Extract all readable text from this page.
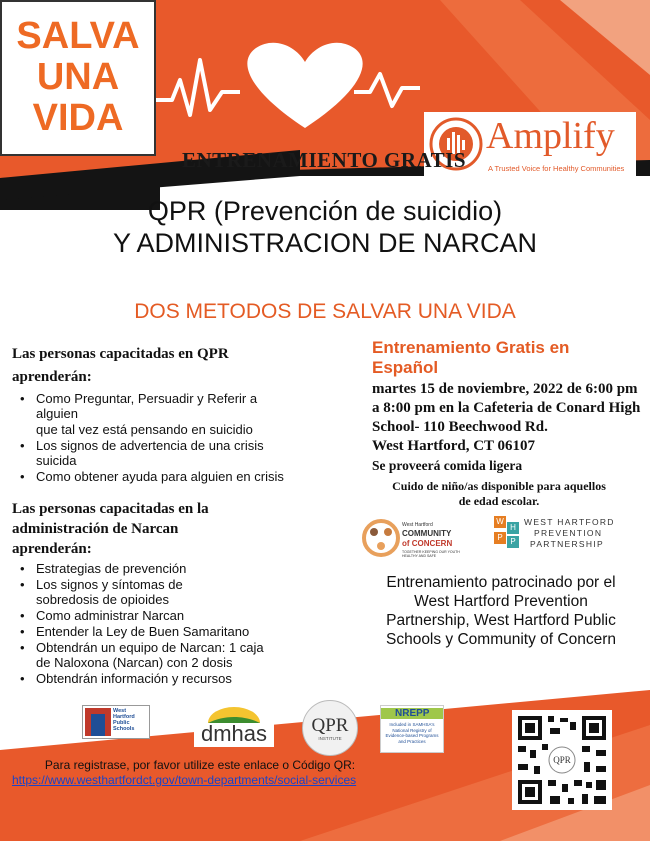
SALVA
UNA
VIDA	Amplify
A Trusted Voice for Healthy Communities
ENTRENAMIENTO GRATIS
QPR (Prevención de suicidio)
Y ADMINISTRACION DE NARCAN
DOS METODOS DE SALVAR UNA VIDA
Las personas capacitadas en QPR
aprenderán:
• Como Preguntar, Persuadir y Referir a alguien
que tal vez está pensando en suicidio
• Los signos de advertencia de una crisis suicida
• Como obtener ayuda para alguien en crisis
Las personas capacitadas en la
administración de Narcan
aprenderán:
• Estrategias de prevención
• Los signos y síntomas de sobredosis de opioides
• Como administrar Narcan
• Entender la Ley de Buen Samaritano
• Obtendrán un equipo de Narcan: 1 caja de Naloxona (Narcan) con 2 dosis
• Obtendrán información y recursos
Entrenamiento Gratis en Español
martes 15 de noviembre, 2022 de 6:00 pm
a 8:00 pm en la Cafeteria de Conard High
School- 110 Beechwood Rd.
West Hartford, CT 06107
Se proveerá comida ligera
Cuido de niño/as disponible para aquellos
de edad escolar.
West Hartford
COMMUNITY
of CONCERN
TOGETHER KEEPING OUR YOUTH HEALTHY AND SAFE
W
H
P P
WEST HARTFORD
PREVENTION
PARTNERSHIP
Entrenamiento patrocinado por el
West Hartford Prevention
Partnership, West Hartford Public
Schools y Community of Concern
West
Hartford
Public
Schools	dmhas	QPR
INSTITUTE
NREPP
Included in SAMHSA's National Registry of Evidence-based Programs and Practices
QPR
Para registrase, por favor utilize este enlace o Código QR:
https://www.westhartfordct.gov/town-departments/social-services
